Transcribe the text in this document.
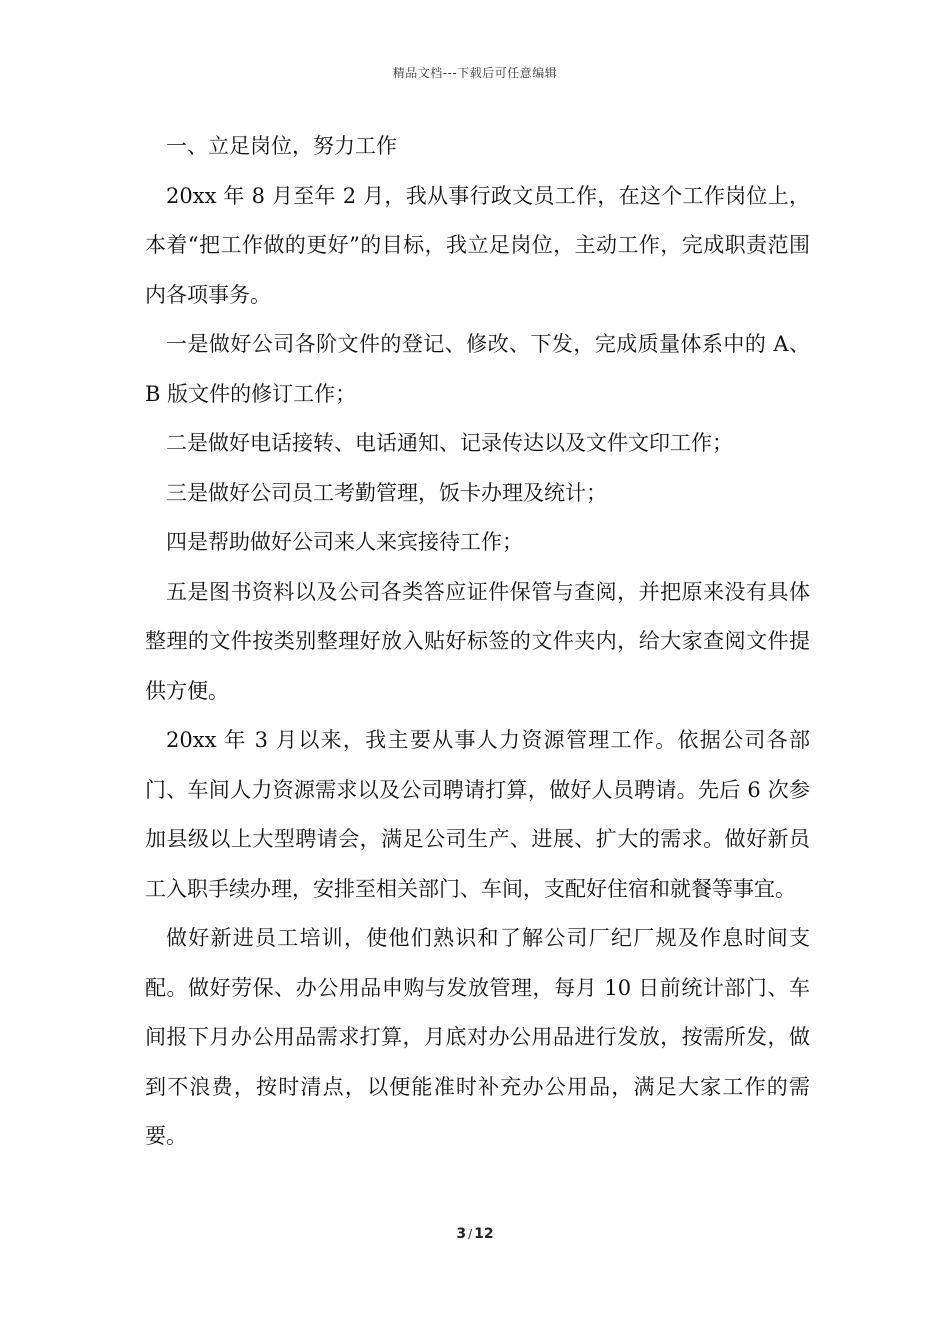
精品文档---下载后可任意编辑

一、立足岗位，努力工作

20xx 年 8 月至年 2 月，我从事行政文员工作，在这个工作岗位上，本着“把工作做的更好”的目标，我立足岗位，主动工作，完成职责范围内各项事务。

一是做好公司各阶文件的登记、修改、下发，完成质量体系中的 A、B 版文件的修订工作；

二是做好电话接转、电话通知、记录传达以及文件文印工作；

三是做好公司员工考勤管理，饭卡办理及统计；

四是帮助做好公司来人来宾接待工作；

五是图书资料以及公司各类答应证件保管与查阅，并把原来没有具体整理的文件按类别整理好放入贴好标签的文件夹内，给大家查阅文件提供方便。

20xx 年 3 月以来，我主要从事人力资源管理工作。依据公司各部门、车间人力资源需求以及公司聘请打算，做好人员聘请。先后 6 次参加县级以上大型聘请会，满足公司生产、进展、扩大的需求。做好新员工入职手续办理，安排至相关部门、车间，支配好住宿和就餐等事宜。

做好新进员工培训，使他们熟识和了解公司厂纪厂规及作息时间支配。做好劳保、办公用品申购与发放管理，每月 10 日前统计部门、车间报下月办公用品需求打算，月底对办公用品进行发放，按需所发，做到不浪费，按时清点，以便能准时补充办公用品，满足大家工作的需要。

3 / 12
